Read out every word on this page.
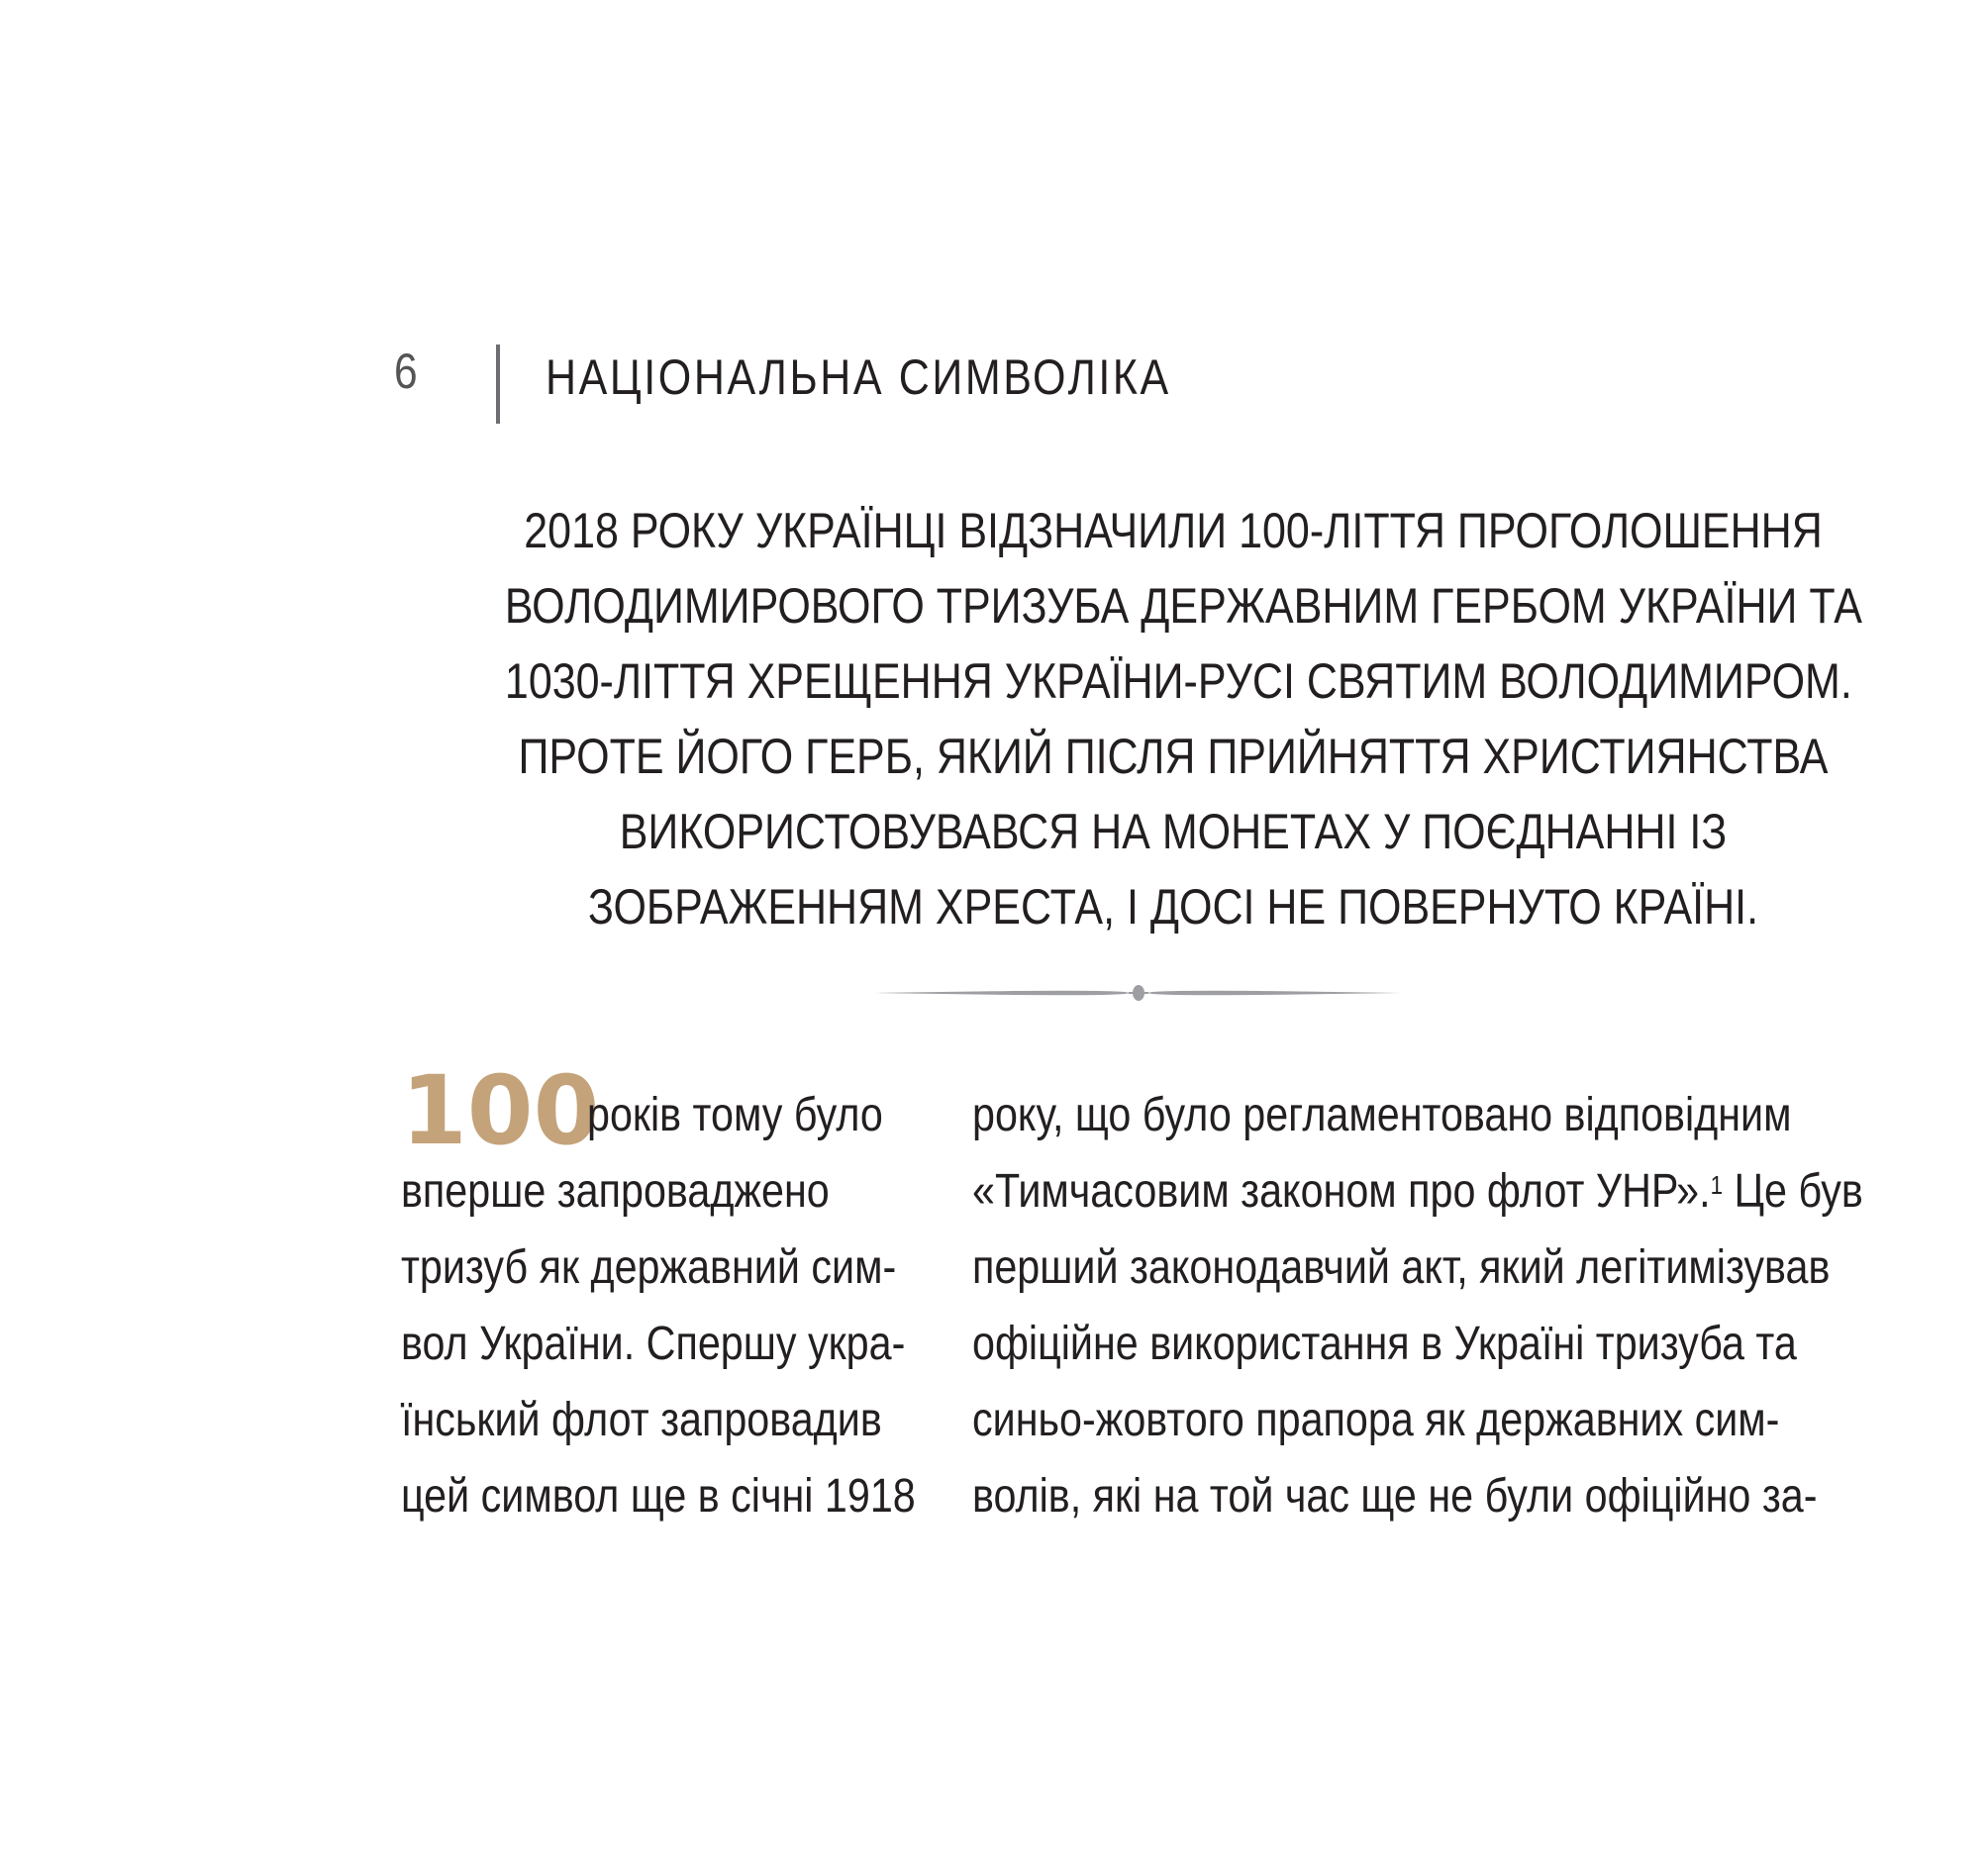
6	НАЦІОНАЛЬНА СИМВОЛІКА
2018 РОКУ УКРАЇНЦІ ВІДЗНАЧИЛИ 100-ЛІТТЯ ПРОГОЛОШЕННЯ
ВОЛОДИМИРОВОГО ТРИЗУБА ДЕРЖАВНИМ ГЕРБОМ УКРАЇНИ ТА
1030-ЛІТТЯ ХРЕЩЕННЯ УКРАЇНИ-РУСІ СВЯТИМ ВОЛОДИМИРОМ.
ПРОТЕ ЙОГО ГЕРБ, ЯКИЙ ПІСЛЯ ПРИЙНЯТТЯ ХРИСТИЯНСТВА
ВИКОРИСТОВУВАВСЯ НА МОНЕТАХ У ПОЄДНАННІ ІЗ
ЗОБРАЖЕННЯМ ХРЕСТА, І ДОСІ НЕ ПОВЕРНУТО КРАЇНІ.
100
років тому було
вперше запроваджено
тризуб як державний сим-
вол України. Спершу укра-
їнський флот запровадив
цей символ ще в січні 1918
року, що було регламентовано відповідним
«Тимчасовим законом про флот УНР».$^1$ Це був
перший законодавчий акт, який легітимізував
офіційне використання в Україні тризуба та
синьо-жовтого прапора як державних сим-
волів, які на той час ще не були офіційно за-
